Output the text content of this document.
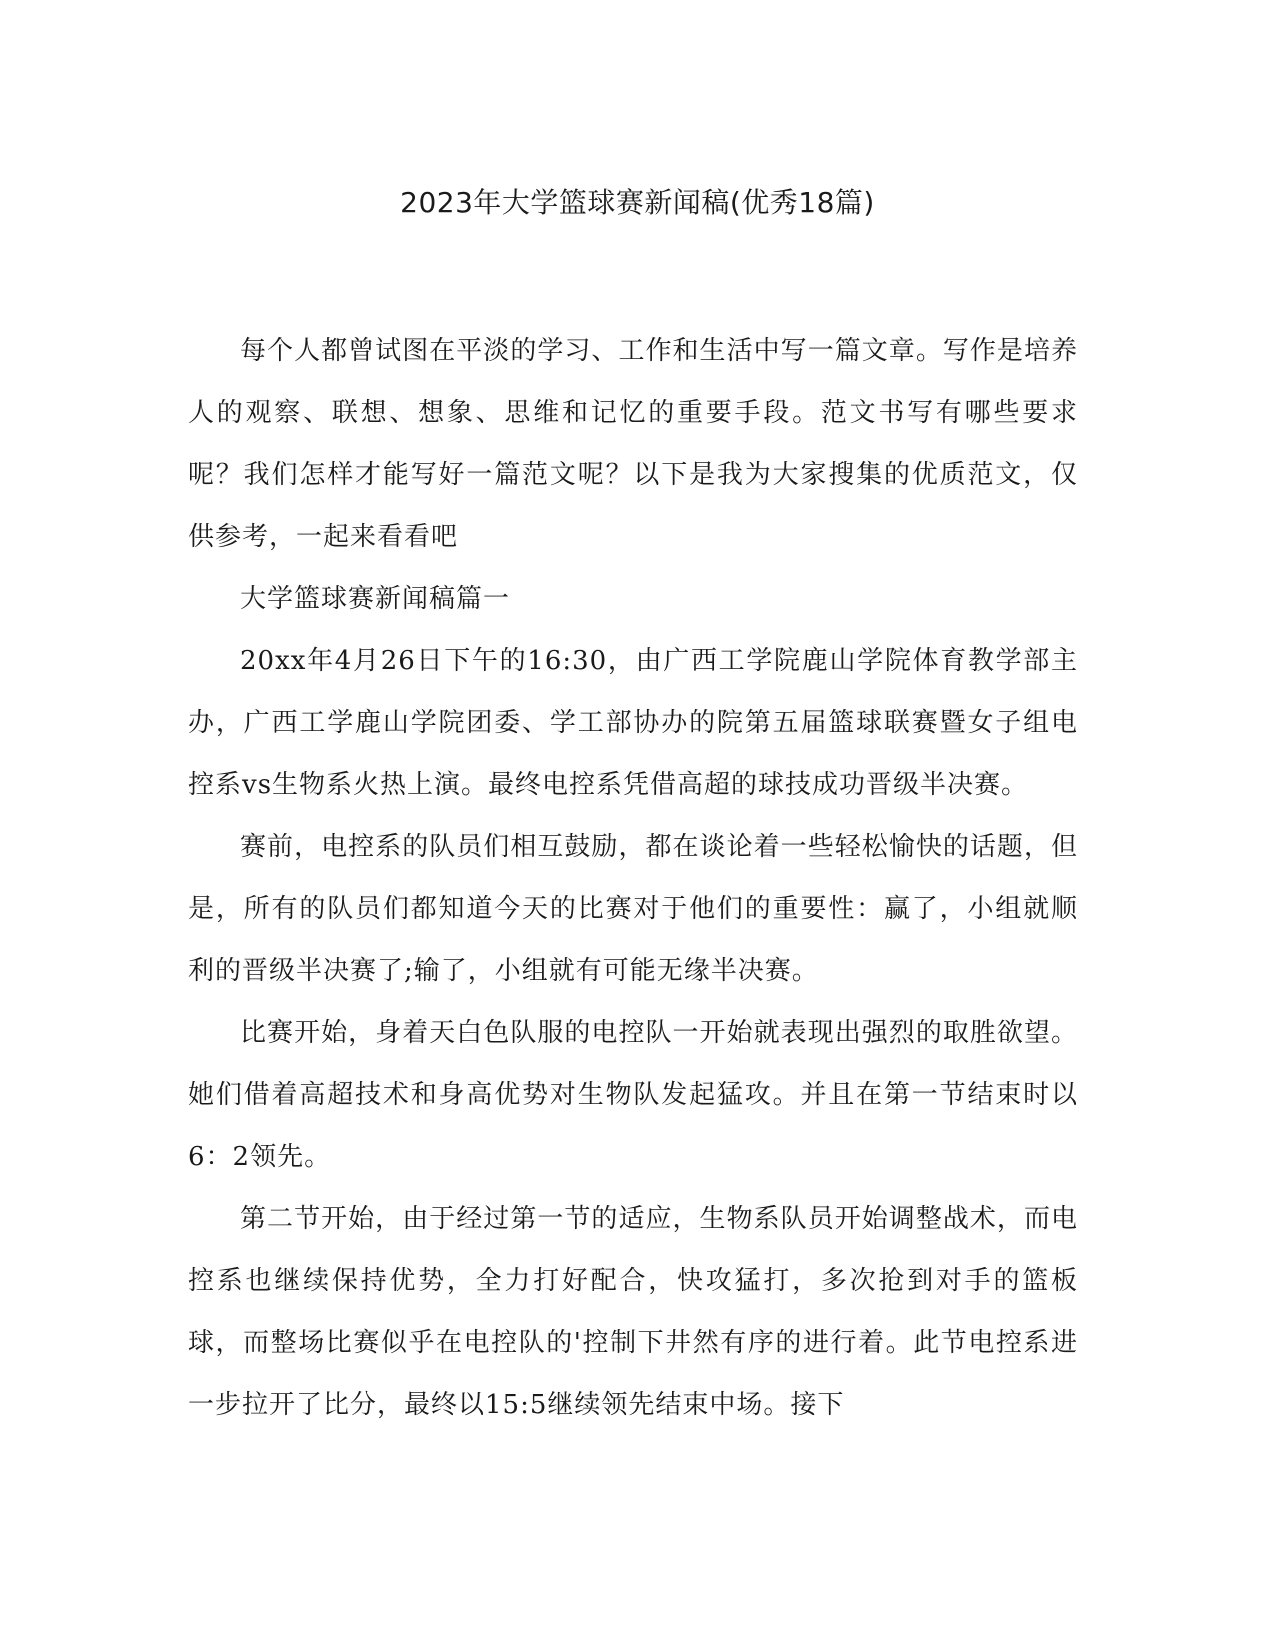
2023年大学篮球赛新闻稿(优秀18篇)

每个人都曾试图在平淡的学习、工作和生活中写一篇文章。写作是培养人的观察、联想、想象、思维和记忆的重要手段。范文书写有哪些要求呢？我们怎样才能写好一篇范文呢？以下是我为大家搜集的优质范文，仅供参考，一起来看看吧

大学篮球赛新闻稿篇一

20xx年4月26日下午的16:30，由广西工学院鹿山学院体育教学部主办，广西工学鹿山学院团委、学工部协办的院第五届篮球联赛暨女子组电控系vs生物系火热上演。最终电控系凭借高超的球技成功晋级半决赛。

赛前，电控系的队员们相互鼓励，都在谈论着一些轻松愉快的话题，但是，所有的队员们都知道今天的比赛对于他们的重要性：赢了，小组就顺利的晋级半决赛了;输了，小组就有可能无缘半决赛。

比赛开始，身着天白色队服的电控队一开始就表现出强烈的取胜欲望。她们借着高超技术和身高优势对生物队发起猛攻。并且在第一节结束时以6：2领先。

第二节开始，由于经过第一节的适应，生物系队员开始调整战术，而电控系也继续保持优势，全力打好配合，快攻猛打，多次抢到对手的篮板球，而整场比赛似乎在电控队的'控制下井然有序的进行着。此节电控系进一步拉开了比分，最终以15:5继续领先结束中场。接下
